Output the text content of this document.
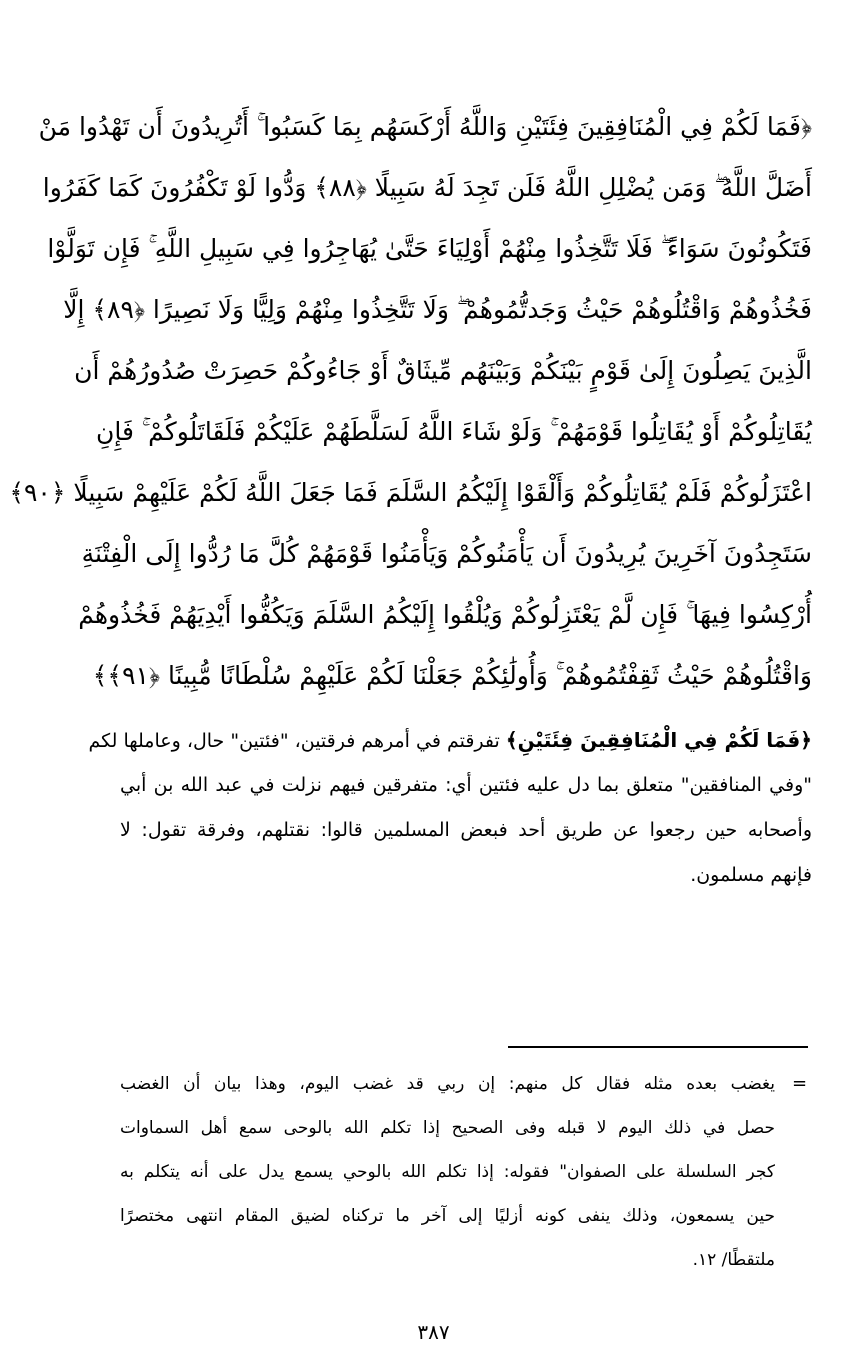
﴿فَمَا لَكُمْ فِي الْمُنَافِقِينَ فِئَتَيْنِ وَاللَّهُ أَرْكَسَهُم بِمَا كَسَبُوا ۚ أَتُرِيدُونَ أَن تَهْدُوا مَنْ
أَضَلَّ اللَّهُ ۖ وَمَن يُضْلِلِ اللَّهُ فَلَن تَجِدَ لَهُ سَبِيلًا ﴿٨٨﴾ وَدُّوا لَوْ تَكْفُرُونَ كَمَا كَفَرُوا
فَتَكُونُونَ سَوَاءً ۖ فَلَا تَتَّخِذُوا مِنْهُمْ أَوْلِيَاءَ حَتَّىٰ يُهَاجِرُوا فِي سَبِيلِ اللَّهِ ۚ فَإِن تَوَلَّوْا
فَخُذُوهُمْ وَاقْتُلُوهُمْ حَيْثُ وَجَدتُّمُوهُمْ ۖ وَلَا تَتَّخِذُوا مِنْهُمْ وَلِيًّا وَلَا نَصِيرًا ﴿٨٩﴾ إِلَّا
الَّذِينَ يَصِلُونَ إِلَىٰ قَوْمٍ بَيْنَكُمْ وَبَيْنَهُم مِّيثَاقٌ أَوْ جَاءُوكُمْ حَصِرَتْ صُدُورُهُمْ أَن
يُقَاتِلُوكُمْ أَوْ يُقَاتِلُوا قَوْمَهُمْ ۚ وَلَوْ شَاءَ اللَّهُ لَسَلَّطَهُمْ عَلَيْكُمْ فَلَقَاتَلُوكُمْ ۚ فَإِنِ
اعْتَزَلُوكُمْ فَلَمْ يُقَاتِلُوكُمْ وَأَلْقَوْا إِلَيْكُمُ السَّلَمَ فَمَا جَعَلَ اللَّهُ لَكُمْ عَلَيْهِمْ سَبِيلًا ﴿٩٠﴾
سَتَجِدُونَ آخَرِينَ يُرِيدُونَ أَن يَأْمَنُوكُمْ وَيَأْمَنُوا قَوْمَهُمْ كُلَّ مَا رُدُّوا إِلَى الْفِتْنَةِ
أُرْكِسُوا فِيهَا ۚ فَإِن لَّمْ يَعْتَزِلُوكُمْ وَيُلْقُوا إِلَيْكُمُ السَّلَمَ وَيَكُفُّوا أَيْدِيَهُمْ فَخُذُوهُمْ
وَاقْتُلُوهُمْ حَيْثُ ثَقِفْتُمُوهُمْ ۚ وَأُولَٰئِكُمْ جَعَلْنَا لَكُمْ عَلَيْهِمْ سُلْطَانًا مُّبِينًا ﴿٩١﴾﴾
﴿فَمَا لَكُمْ فِي الْمُنَافِقِينَ فِئَتَيْنِ﴾ تفرقتم في أمرهم فرقتين، "فئتين" حال، وعاملها لكم
"وفي المنافقين" متعلق بما دل عليه فئتين أي: متفرقين فيهم نزلت في عبد الله بن أبي
وأصحابه حين رجعوا عن طريق أحد فبعض المسلمين قالوا: نقتلهم، وفرقة تقول: لا
فإنهم مسلمون.
يغضب بعده مثله فقال كل منهم: إن ربي قد غضب اليوم، وهذا بيان أن الغضب
حصل في ذلك اليوم لا قبله وفى الصحيح إذا تكلم الله بالوحى سمع أهل السماوات
كجر السلسلة على الصفوان" فقوله: إذا تكلم الله بالوحي يسمع يدل على أنه يتكلم به
حين يسمعون، وذلك ينفى كونه أزليًا إلى آخر ما تركناه لضيق المقام انتهى مختصرًا
ملتقطًا/ ١٢.
=
٣٨٧
